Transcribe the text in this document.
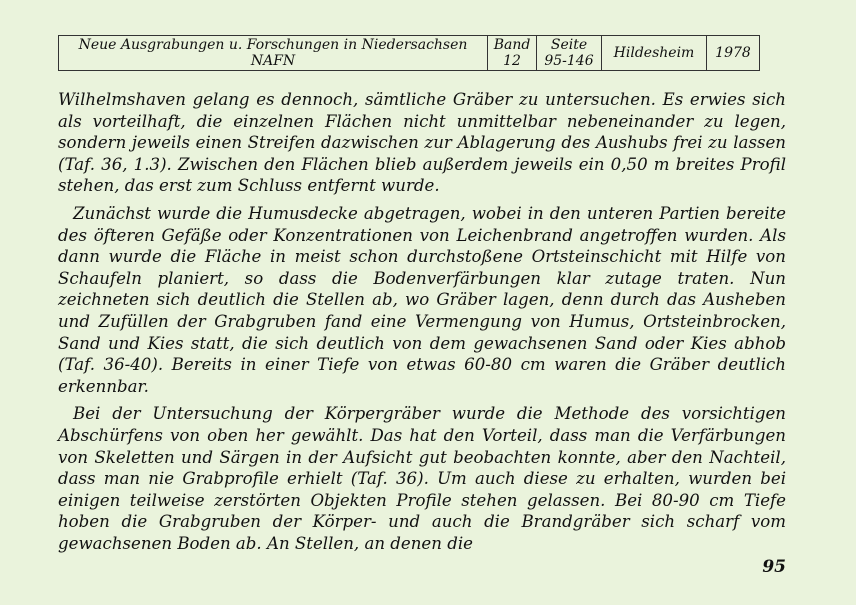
Neue Ausgrabungen u. Forschungen in Niedersachsen
NAFN

Band
12

Seite
95-146	Hildesheim	1978

Wilhelmshaven gelang es dennoch, sämtliche Gräber zu untersuchen. Es erwies sich als vorteilhaft, die einzelnen Flächen nicht unmittelbar nebeneinander zu legen, sondern jeweils einen Streifen dazwischen zur Ablagerung des Aushubs frei zu lassen (Taf. 36, 1.3). Zwischen den Flächen blieb außerdem jeweils ein 0,50 m breites Profil stehen, das erst zum Schluss entfernt wurde.

Zunächst wurde die Humusdecke abgetragen, wobei in den unteren Partien bereite des öfteren Gefäße oder Konzentrationen von Leichenbrand angetroffen wurden. Als dann wurde die Fläche in meist schon durchstoßene Ortsteinschicht mit Hilfe von Schaufeln planiert, so dass die Bodenverfärbungen klar zutage traten. Nun zeichneten sich deutlich die Stellen ab, wo Gräber lagen, denn durch das Ausheben und Zufüllen der Grabgruben fand eine Vermengung von Humus, Ortsteinbrocken, Sand und Kies statt, die sich deutlich von dem gewachsenen Sand oder Kies abhob (Taf. 36-40). Bereits in einer Tiefe von etwas 60-80 cm waren die Gräber deutlich erkennbar.

Bei der Untersuchung der Körpergräber wurde die Methode des vorsichtigen Abschürfens von oben her gewählt. Das hat den Vorteil, dass man die Verfärbungen von Skeletten und Särgen in der Aufsicht gut beobachten konnte, aber den Nachteil, dass man nie Grabprofile erhielt (Taf. 36). Um auch diese zu erhalten, wurden bei einigen teilweise zerstörten Objekten Profile stehen gelassen. Bei 80-90 cm Tiefe hoben die Grabgruben der Körper- und auch die Brandgräber sich scharf vom gewachsenen Boden ab. An Stellen, an denen die

95
